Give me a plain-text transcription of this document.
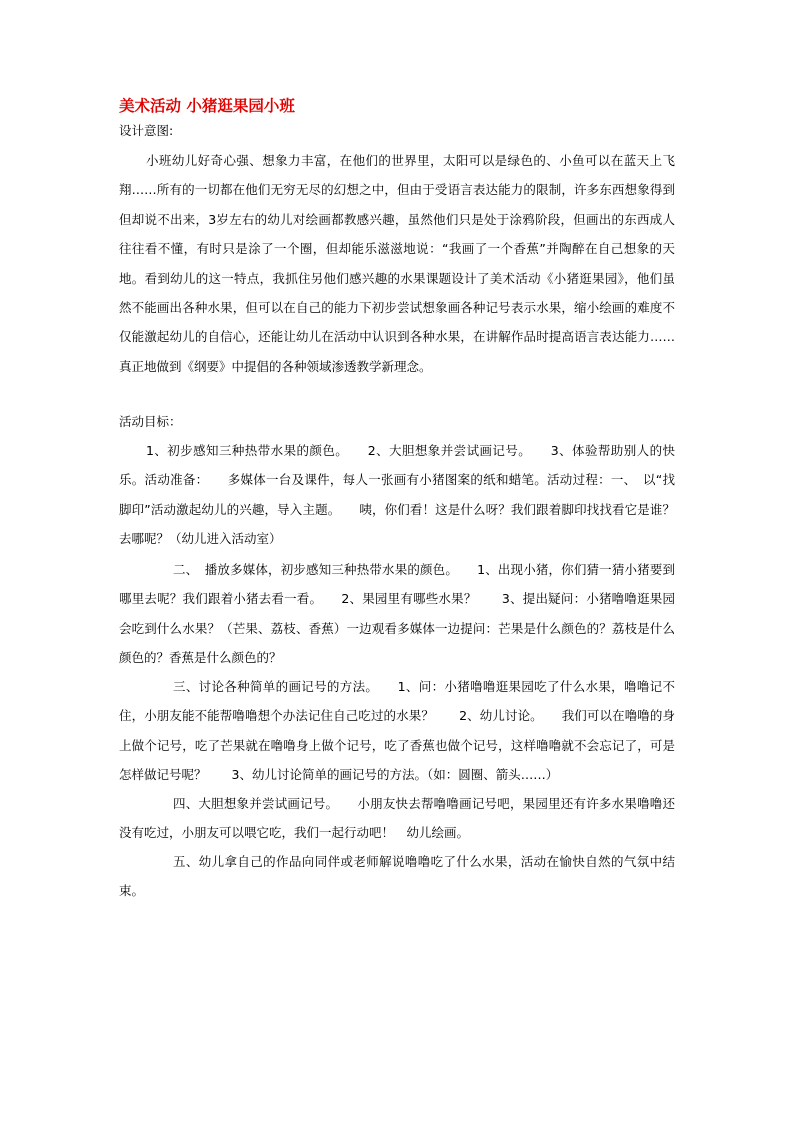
美术活动 小猪逛果园小班
设计意图:

小班幼儿好奇心强、想象力丰富，在他们的世界里，太阳可以是绿色的、小鱼可以在蓝天上飞翔……所有的一切都在他们无穷无尽的幻想之中，但由于受语言表达能力的限制，许多东西想象得到但却说不出来，3岁左右的幼儿对绘画都教感兴趣，虽然他们只是处于涂鸦阶段，但画出的东西成人往往看不懂，有时只是涂了一个圈，但却能乐滋滋地说：“我画了一个香蕉”并陶醉在自己想象的天地。看到幼儿的这一特点，我抓住另他们感兴趣的水果课题设计了美术活动《小猪逛果园》，他们虽然不能画出各种水果，但可以在自己的能力下初步尝试想象画各种记号表示水果，缩小绘画的难度不仅能激起幼儿的自信心，还能让幼儿在活动中认识到各种水果，在讲解作品时提高语言表达能力……真正地做到《纲要》中提倡的各种领域渗透教学新理念。

活动目标：

1、初步感知三种热带水果的颜色。　　2、大胆想象并尝试画记号。　　3、体验帮助别人的快乐。活动准备：　　多媒体一台及课件，每人一张画有小猪图案的纸和蜡笔。活动过程：一、　以“找脚印”活动激起幼儿的兴趣，导入主题。　　咦，你们看！这是什么呀？我们跟着脚印找找看它是谁？去哪呢？（幼儿进入活动室）

二、　播放多媒体，初步感知三种热带水果的颜色。　　1、出现小猪，你们猜一猜小猪要到哪里去呢？我们跟着小猪去看一看。　　2、果园里有哪些水果？　　3、提出疑问：小猪噜噜逛果园会吃到什么水果？（芒果、荔枝、香蕉）一边观看多媒体一边提问：芒果是什么颜色的？荔枝是什么颜色的？香蕉是什么颜色的？

三、讨论各种简单的画记号的方法。　　1、问：小猪噜噜逛果园吃了什么水果，噜噜记不住，小朋友能不能帮噜噜想个办法记住自己吃过的水果？　　2、幼儿讨论。　　我们可以在噜噜的身上做个记号，吃了芒果就在噜噜身上做个记号，吃了香蕉也做个记号，这样噜噜就不会忘记了，可是怎样做记号呢？　　3、幼儿讨论简单的画记号的方法。（如：圆圈、箭头……）

四、大胆想象并尝试画记号。　　小朋友快去帮噜噜画记号吧，果园里还有许多水果噜噜还没有吃过，小朋友可以喂它吃，我们一起行动吧！　幼儿绘画。

五、幼儿拿自己的作品向同伴或老师解说噜噜吃了什么水果，活动在愉快自然的气氛中结束。
